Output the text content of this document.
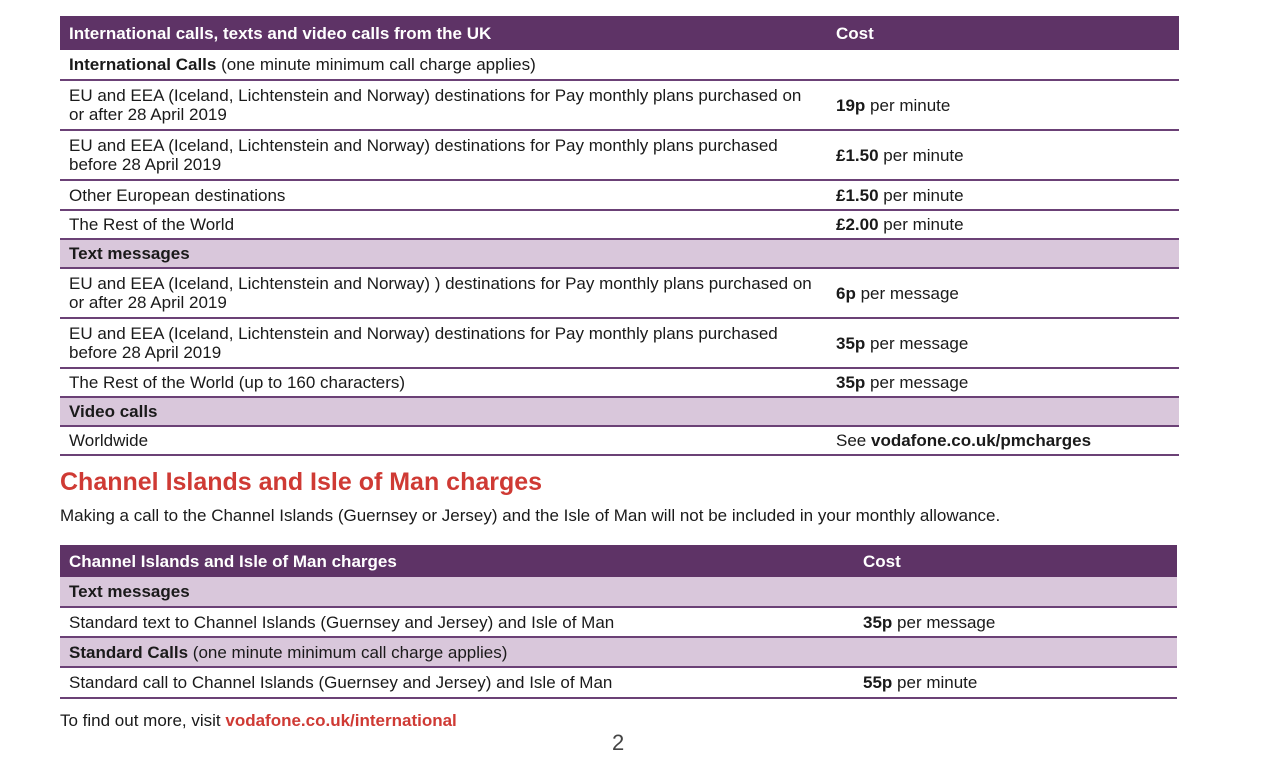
International calls, texts and video calls from the UK	Cost
International Calls (one minute minimum call charge applies)	
EU and EEA (Iceland, Lichtenstein and Norway) destinations for Pay monthly plans purchased on or after 28 April 2019	19p per minute
EU and EEA (Iceland, Lichtenstein and Norway) destinations for Pay monthly plans purchased before 28 April 2019	£1.50 per minute
Other European destinations	£1.50 per minute
The Rest of the World	£2.00 per minute
Text messages	
EU and EEA (Iceland, Lichtenstein and Norway) ) destinations for Pay monthly plans purchased on or after 28 April 2019	6p per message
EU and EEA (Iceland, Lichtenstein and Norway) destinations for Pay monthly plans purchased before 28 April 2019	35p per message
The Rest of the World (up to 160 characters)	35p per message
Video calls	
Worldwide	See vodafone.co.uk/pmcharges
Channel Islands and Isle of Man charges
Making a call to the Channel Islands (Guernsey or Jersey) and the Isle of Man will not be included in your monthly allowance.
Channel Islands and Isle of Man charges	Cost
Text messages	
Standard text to Channel Islands (Guernsey and Jersey) and Isle of Man	35p per message
Standard Calls (one minute minimum call charge applies)	
Standard call to Channel Islands (Guernsey and Jersey) and Isle of Man	55p per minute
To find out more, visit vodafone.co.uk/international
2
